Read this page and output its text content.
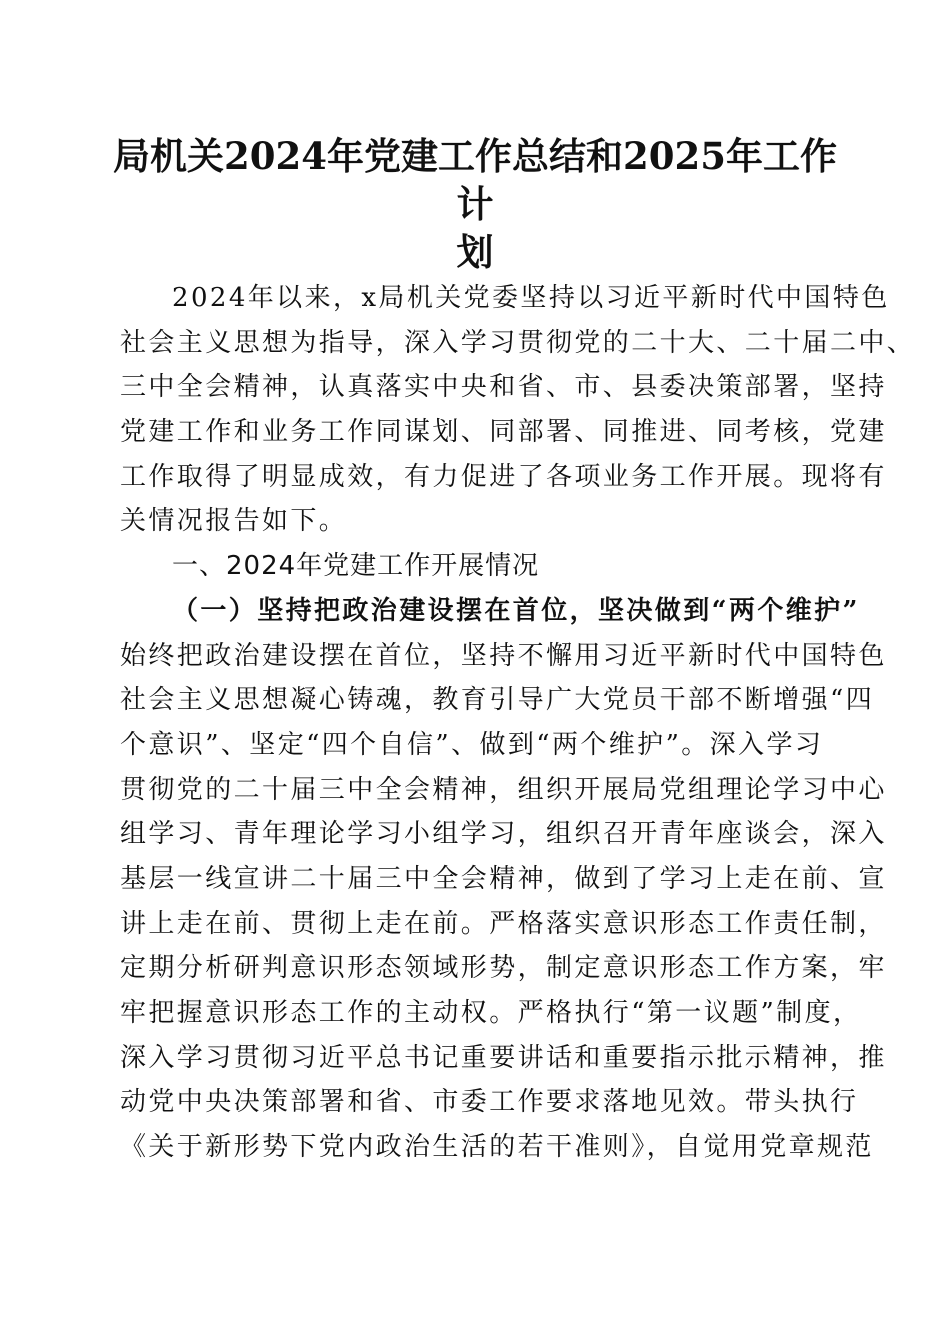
局机关2024年党建工作总结和2025年工作计
划
2024年以来，x局机关党委坚持以习近平新时代中国特色
社会主义思想为指导，深入学习贯彻党的二十大、二十届二中、
三中全会精神，认真落实中央和省、市、县委决策部署，坚持
党建工作和业务工作同谋划、同部署、同推进、同考核，党建
工作取得了明显成效，有力促进了各项业务工作开展。现将有
关情况报告如下。
一、2024年党建工作开展情况
（一）坚持把政治建设摆在首位，坚决做到“两个维护”
始终把政治建设摆在首位，坚持不懈用习近平新时代中国特色
社会主义思想凝心铸魂，教育引导广大党员干部不断增强“四
个意识”、坚定“四个自信”、做到“两个维护”。深入学习
贯彻党的二十届三中全会精神，组织开展局党组理论学习中心
组学习、青年理论学习小组学习，组织召开青年座谈会，深入
基层一线宣讲二十届三中全会精神，做到了学习上走在前、宣
讲上走在前、贯彻上走在前。严格落实意识形态工作责任制，
定期分析研判意识形态领域形势，制定意识形态工作方案，牢
牢把握意识形态工作的主动权。严格执行“第一议题”制度，
深入学习贯彻习近平总书记重要讲话和重要指示批示精神，推
动党中央决策部署和省、市委工作要求落地见效。带头执行
《关于新形势下党内政治生活的若干准则》，自觉用党章规范
